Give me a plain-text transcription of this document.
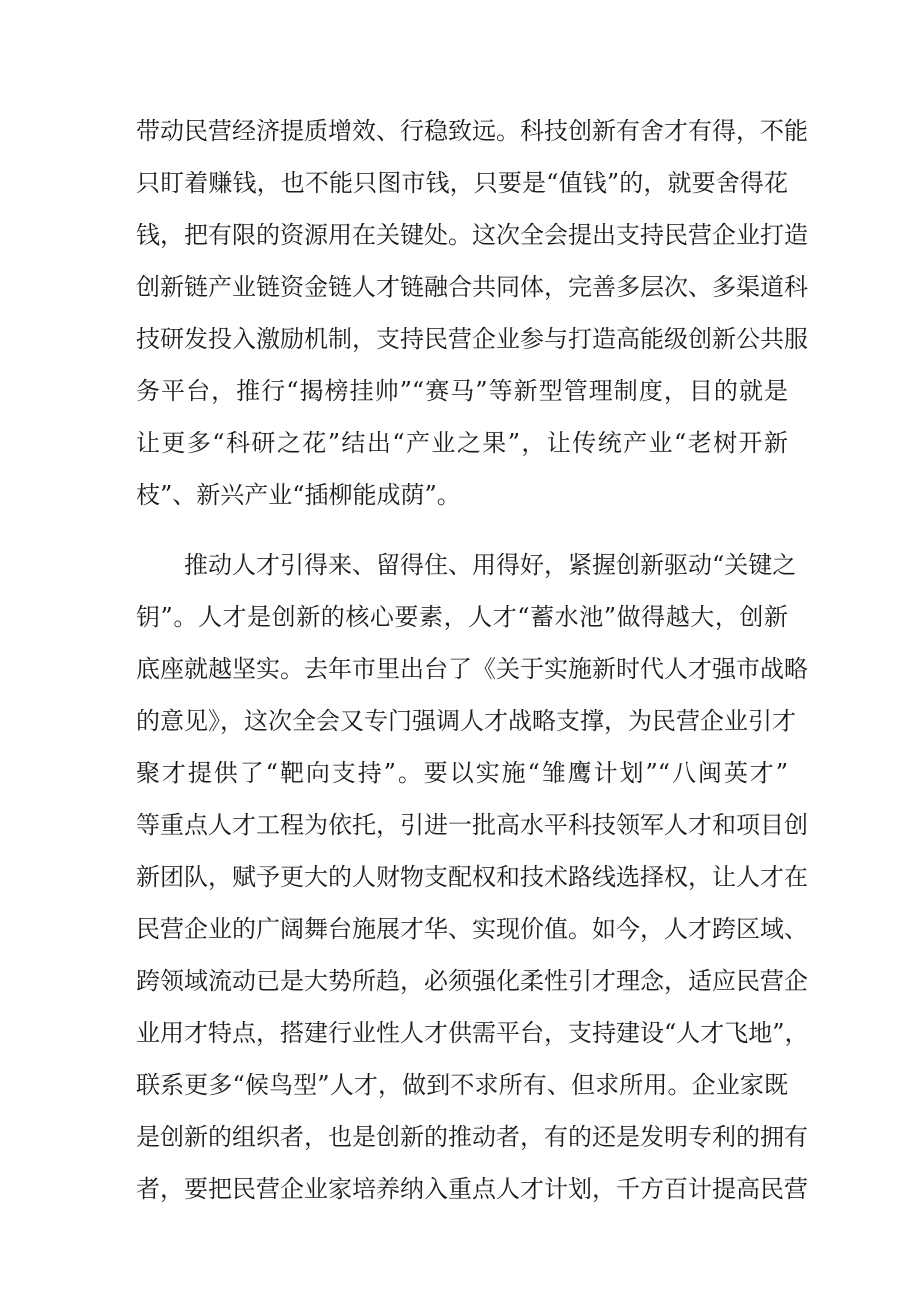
带动民营经济提质增效、行稳致远。科技创新有舍才有得，不能
只盯着赚钱，也不能只图市钱，只要是“值钱”的，就要舍得花
钱，把有限的资源用在关键处。这次全会提出支持民营企业打造
创新链产业链资金链人才链融合共同体，完善多层次、多渠道科
技研发投入激励机制，支持民营企业参与打造高能级创新公共服
务平台，推行“揭榜挂帅”“赛马”等新型管理制度，目的就是
让更多“科研之花”结出“产业之果”，让传统产业“老树开新
枝”、新兴产业“插柳能成荫”。
推动人才引得来、留得住、用得好，紧握创新驱动“关键之
钥”。人才是创新的核心要素，人才“蓄水池”做得越大，创新
底座就越坚实。去年市里出台了《关于实施新时代人才强市战略
的意见》，这次全会又专门强调人才战略支撑，为民营企业引才
聚才提供了“靶向支持”。要以实施“雏鹰计划”“八闽英才”
等重点人才工程为依托，引进一批高水平科技领军人才和项目创
新团队，赋予更大的人财物支配权和技术路线选择权，让人才在
民营企业的广阔舞台施展才华、实现价值。如今，人才跨区域、
跨领域流动已是大势所趋，必须强化柔性引才理念，适应民营企
业用才特点，搭建行业性人才供需平台，支持建设“人才飞地”，
联系更多“候鸟型”人才，做到不求所有、但求所用。企业家既
是创新的组织者，也是创新的推动者，有的还是发明专利的拥有
者，要把民营企业家培养纳入重点人才计划，千方百计提高民营
